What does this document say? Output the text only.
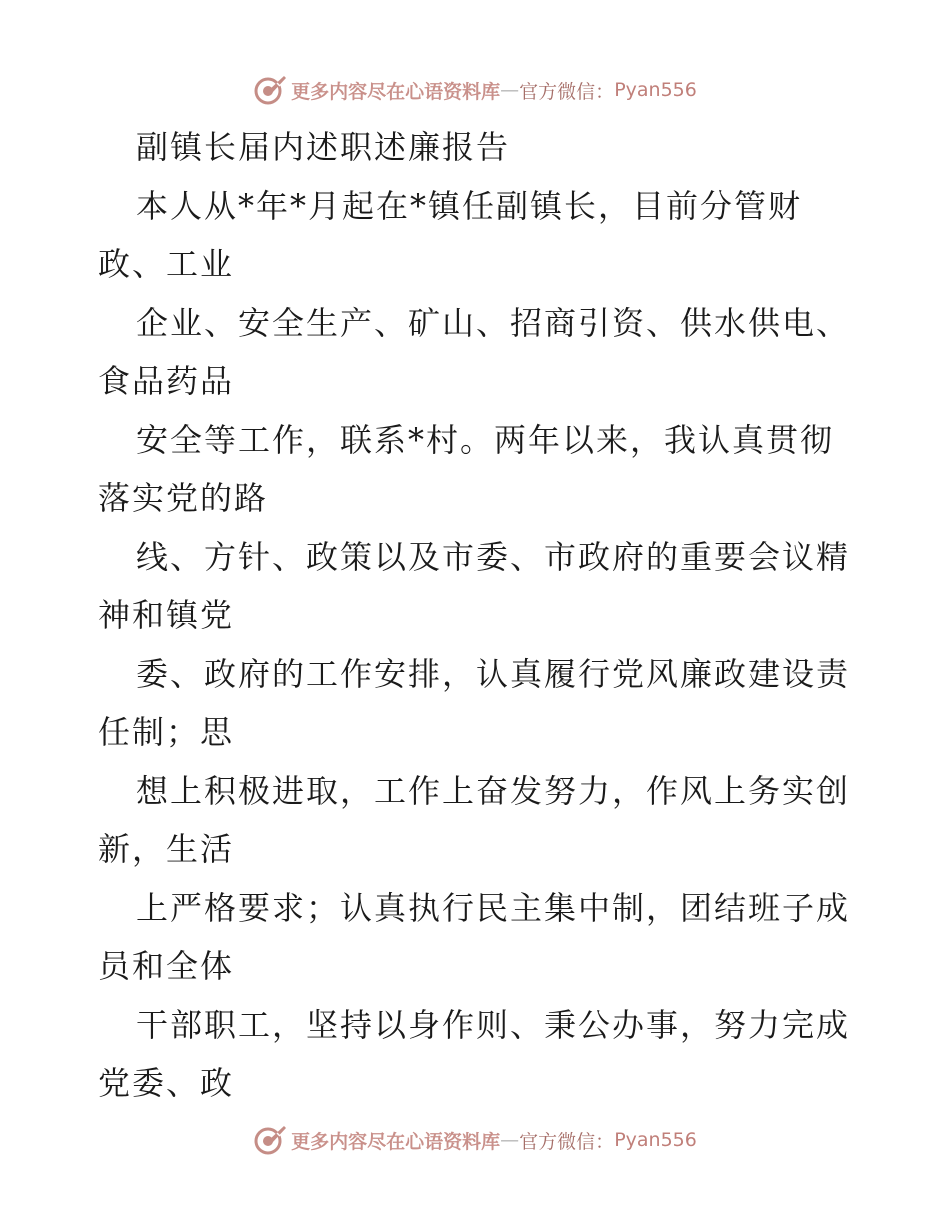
更多内容尽在心语资料库 — 官方微信： Pyan556
副镇长届内述职述廉报告
本人从*年*月起在*镇任副镇长，目前分管财
政、工业
企业、安全生产、矿山、招商引资、供水供电、
食品药品
安全等工作，联系*村。两年以来，我认真贯彻
落实党的路
线、方针、政策以及市委、市政府的重要会议精
神和镇党
委、政府的工作安排，认真履行党风廉政建设责
任制；思
想上积极进取，工作上奋发努力，作风上务实创
新，生活
上严格要求；认真执行民主集中制，团结班子成
员和全体
干部职工，坚持以身作则、秉公办事，努力完成
党委、政
更多内容尽在心语资料库 — 官方微信： Pyan556
